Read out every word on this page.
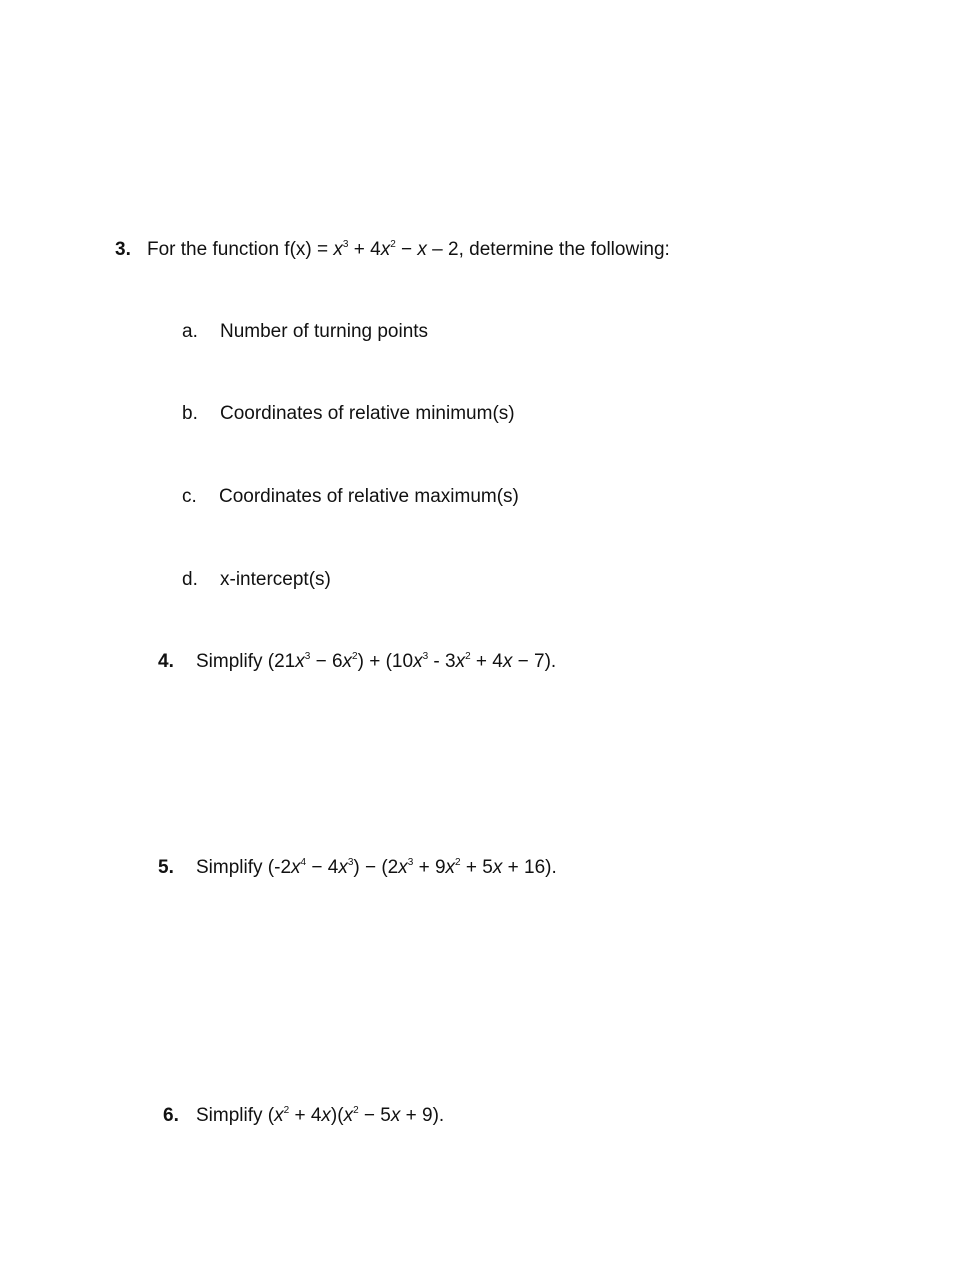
3. For the function $f(x) = x^3 + 4x^2 - x - 2$, determine the following:
a. Number of turning points
b. Coordinates of relative minimum(s)
c. Coordinates of relative maximum(s)
d. x-intercept(s)
4. Simplify $(21x^3 - 6x^2) + (10x^3 - 3x^2 + 4x - 7)$.
5. Simplify $(-2x^4 - 4x^3) - (2x^3 + 9x^2 + 5x + 16)$.
6. Simplify $(x^2 + 4x)(x^2 - 5x + 9)$.
